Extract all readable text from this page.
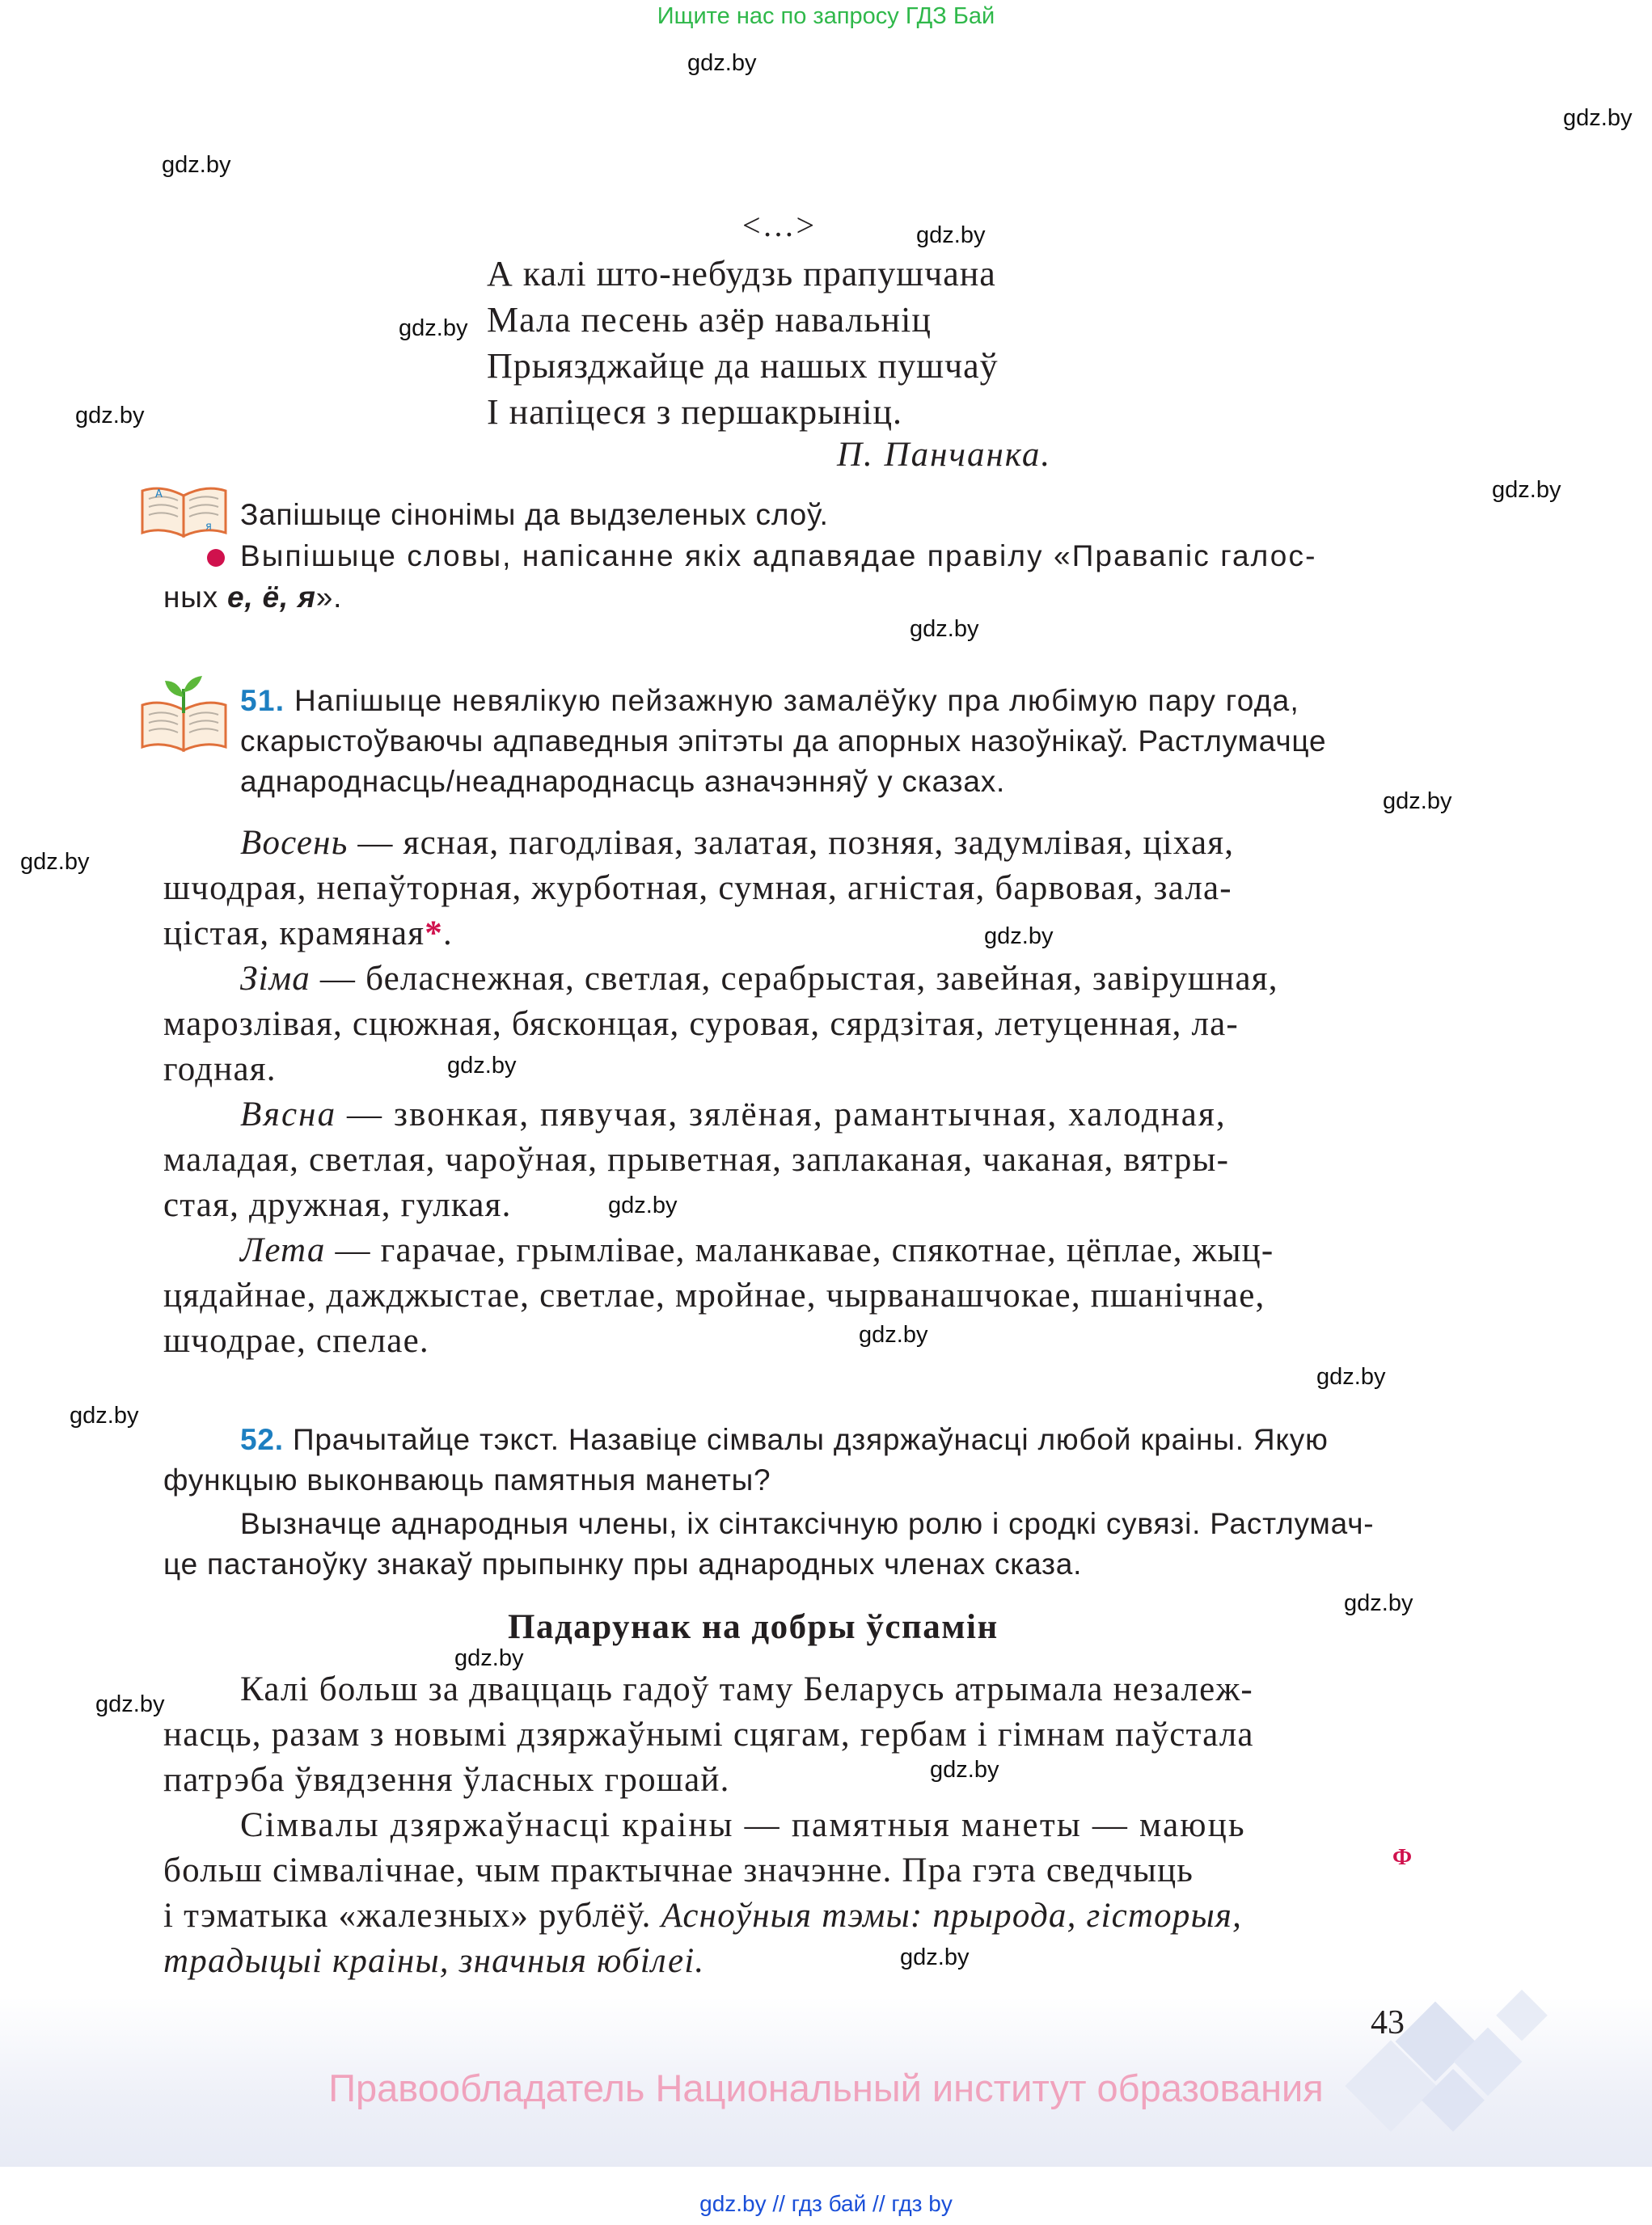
Ищите нас по запросу ГДЗ Бай
gdz.by
gdz.by
gdz.by
gdz.by
gdz.by
gdz.by
gdz.by
gdz.by
gdz.by
gdz.by
gdz.by
gdz.by
gdz.by
gdz.by
gdz.by
gdz.by
gdz.by
gdz.by
gdz.by
gdz.by
gdz.by
<…>
А калі што-небудзь прапушчана
Мала песень азёр навальніц
Прыязджайце да нашых пушчаў
І напіцеся з першакрыніц.
П. Панчанка.
А
я Запішыце сінонімы да выдзеленых слоў.
Выпішыце словы, напісанне якіх адпавядае правілу «Правапіс галос-
ных е, ё, я».
51. Напішыце невялікую пейзажную замалёўку пра любімую пару года,
скарыстоўваючы адпаведныя эпітэты да апорных назоўнікаў. Растлумачце
аднароднасць/неаднароднасць азначэнняў у сказах.
Восень — ясная, пагодлівая, залатая, позняя, задумлівая, ціхая,
шчодрая, непаўторная, журботная, сумная, агністая, барвовая, зала-
цістая, крамяная*.
Зіма — беласнежная, светлая, серабрыстая, завейная, завірушная,
марозлівая, сцюжная, бясконцая, суровая, сярдзітая, летуценная, ла-
годная.
Вясна — звонкая, пявучая, зялёная, рамантычная, халодная,
маладая, светлая, чароўная, прыветная, заплаканая, чаканая, вятры-
стая, дружная, гулкая.
Лета — гарачае, грымлівае, маланкавае, спякотнае, цёплае, жыц-
цядайнае, дажджыстае, светлае, мройнае, чырванашчокае, пшанічнае,
шчодрае, спелае.
52. Прачытайце тэкст. Назавіце сімвалы дзяржаўнасці любой краіны. Якую
функцыю выконваюць памятныя манеты?
Вызначце аднародныя члены, іх сінтаксічную ролю і сродкі сувязі. Растлумач-
це пастаноўку знакаў прыпынку пры аднародных членах сказа.
Падарунак на добры ўспамін
Калі больш за дваццаць гадоў таму Беларусь атрымала незалеж-
насць, разам з новымі дзяржаўнымі сцягам, гербам і гімнам паўстала
патрэба ўвядзення ўласных грошай.
Сімвалы дзяржаўнасці краіны — памятныя манеты — маюць
больш сімвалічнае, чым практычнае значэнне. Пра гэта сведчыць	Ф
і тэматыка «жалезных» рублёў. Асноўныя тэмы: прырода, гісторыя,
традыцыі краіны, значныя юбілеі.
43
Правообладатель Национальный институт образования
gdz.by // гдз бай // гдз by
